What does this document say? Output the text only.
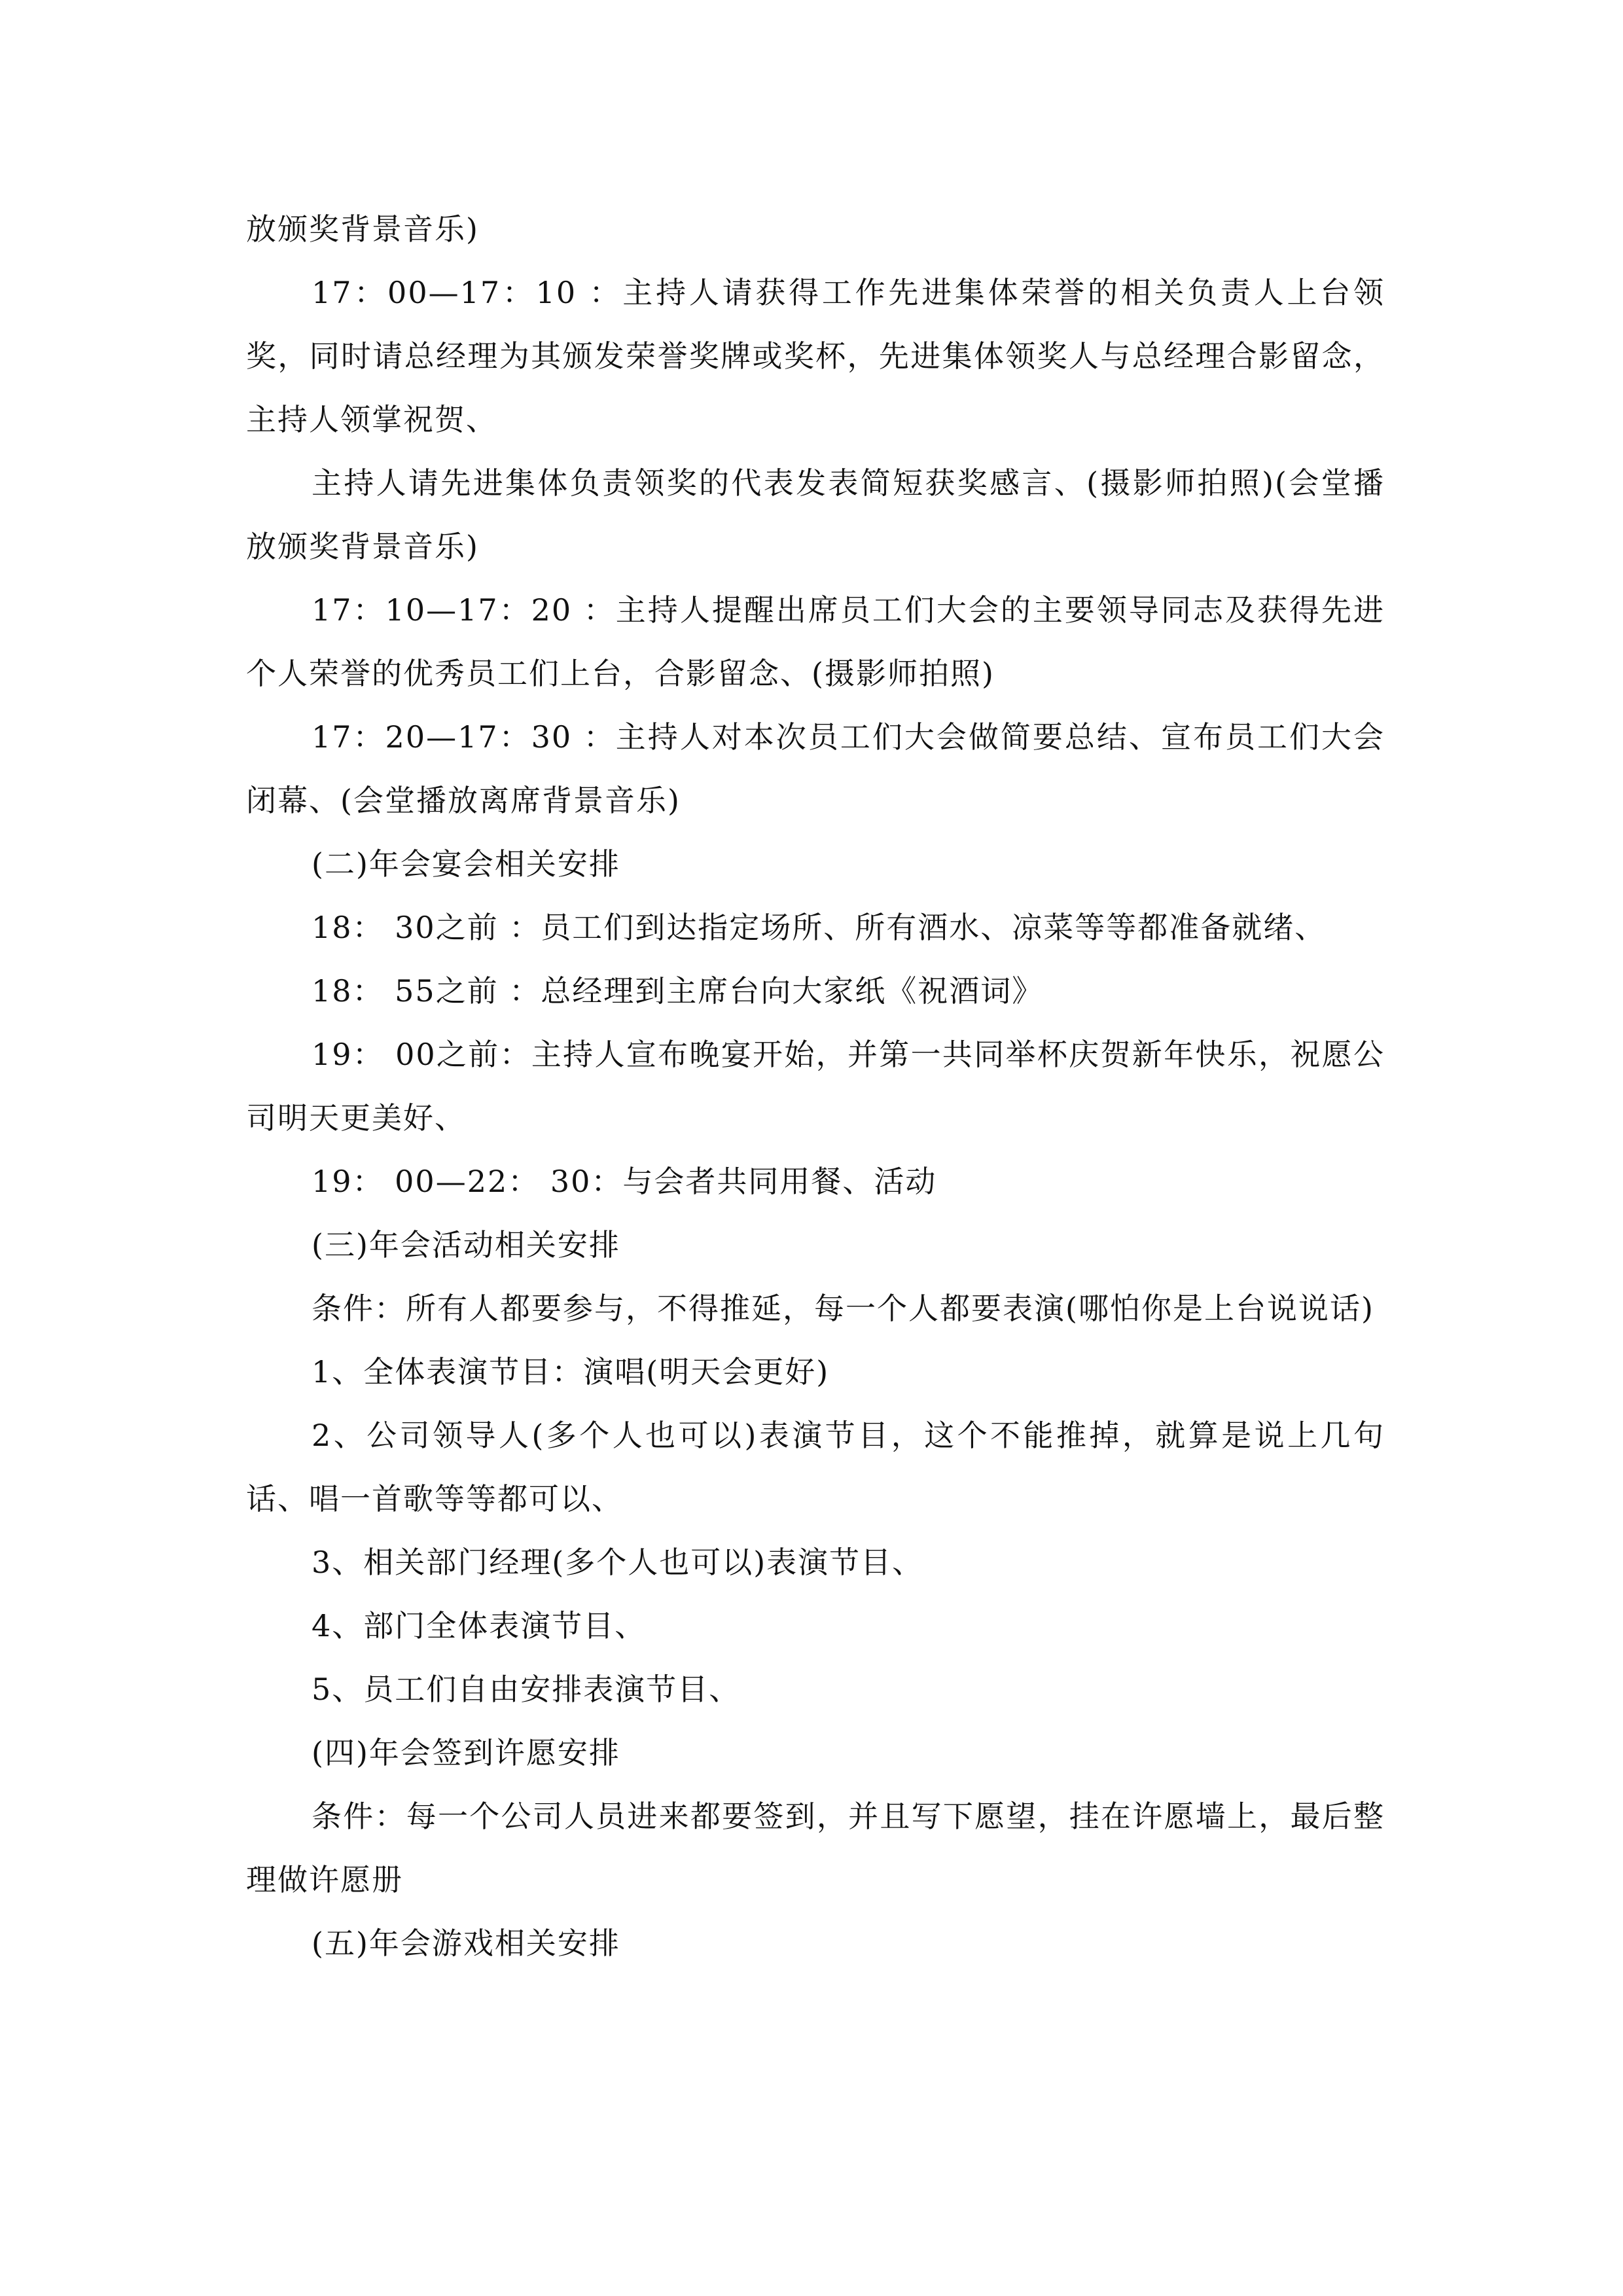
放颁奖背景音乐)

17：00—17：10 ：主持人请获得工作先进集体荣誉的相关负责人上台领奖，同时请总经理为其颁发荣誉奖牌或奖杯，先进集体领奖人与总经理合影留念，主持人领掌祝贺、

主持人请先进集体负责领奖的代表发表简短获奖感言、(摄影师拍照)(会堂播放颁奖背景音乐)

17：10—17：20 ：主持人提醒出席员工们大会的主要领导同志及获得先进个人荣誉的优秀员工们上台，合影留念、(摄影师拍照)

17：20—17：30 ：主持人对本次员工们大会做简要总结、宣布员工们大会闭幕、(会堂播放离席背景音乐)

(二)年会宴会相关安排

18： 30之前 ：员工们到达指定场所、所有酒水、凉菜等等都准备就绪、

18： 55之前 ：总经理到主席台向大家纸《祝酒词》

19： 00之前：主持人宣布晚宴开始，并第一共同举杯庆贺新年快乐，祝愿公司明天更美好、

19： 00—22： 30：与会者共同用餐、活动

(三)年会活动相关安排

条件：所有人都要参与，不得推延，每一个人都要表演(哪怕你是上台说说话)

1、全体表演节目：演唱(明天会更好)

2、公司领导人(多个人也可以)表演节目，这个不能推掉，就算是说上几句话、唱一首歌等等都可以、

3、相关部门经理(多个人也可以)表演节目、

4、部门全体表演节目、

5、员工们自由安排表演节目、

(四)年会签到许愿安排

条件：每一个公司人员进来都要签到，并且写下愿望，挂在许愿墙上，最后整理做许愿册

(五)年会游戏相关安排
